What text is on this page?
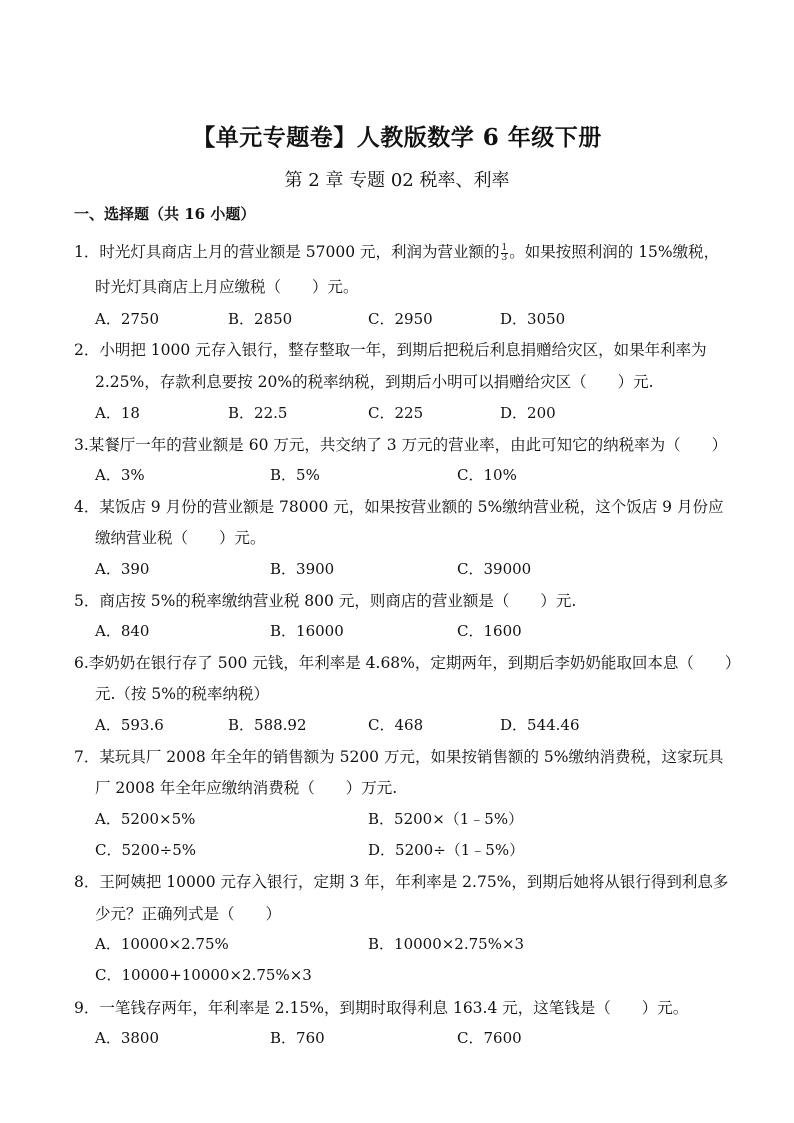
【单元专题卷】人教版数学 6 年级下册
第 2 章 专题 02 税率、利率
一、选择题（共 16 小题）
1．时光灯具商店上月的营业额是 57000 元，利润为营业额的 $\frac{1}{3}$ 。如果按照利润的 15%缴税，
时光灯具商店上月应缴税（　　）元。
A．2750	B．2850	C．2950	D．3050
2．小明把 1000 元存入银行，整存整取一年，到期后把税后利息捐赠给灾区，如果年利率为
2.25%，存款利息要按 20%的税率纳税，到期后小明可以捐赠给灾区（　　）元.
A．18	B．22.5	C．225	D．200
3.某餐厅一年的营业额是 60 万元，共交纳了 3 万元的营业率，由此可知它的纳税率为（　　）
A．3%	B．5%	C．10%
4．某饭店 9 月份的营业额是 78000 元，如果按营业额的 5%缴纳营业税，这个饭店 9 月份应
缴纳营业税（　　）元。
A．390	B．3900	C．39000
5．商店按 5%的税率缴纳营业税 800 元，则商店的营业额是（　　）元.
A．840	B．16000	C．1600
6.李奶奶在银行存了 500 元钱，年利率是 4.68%，定期两年，到期后李奶奶能取回本息（　　）
元.（按 5%的税率纳税）
A．593.6	B．588.92	C．468	D．544.46
7．某玩具厂 2008 年全年的销售额为 5200 万元，如果按销售额的 5%缴纳消费税，这家玩具
厂 2008 年全年应缴纳消费税（　　）万元.
A．5200×5%	B．5200×（1﹣5%）
C．5200÷5%	D．5200÷（1﹣5%）
8．王阿姨把 10000 元存入银行，定期 3 年，年利率是 2.75%，到期后她将从银行得到利息多
少元？正确列式是（　　）
A．10000×2.75%	B．10000×2.75%×3
C．10000+10000×2.75%×3
9．一笔钱存两年，年利率是 2.15%，到期时取得利息 163.4 元，这笔钱是（　　）元。
A．3800	B．760	C．7600
